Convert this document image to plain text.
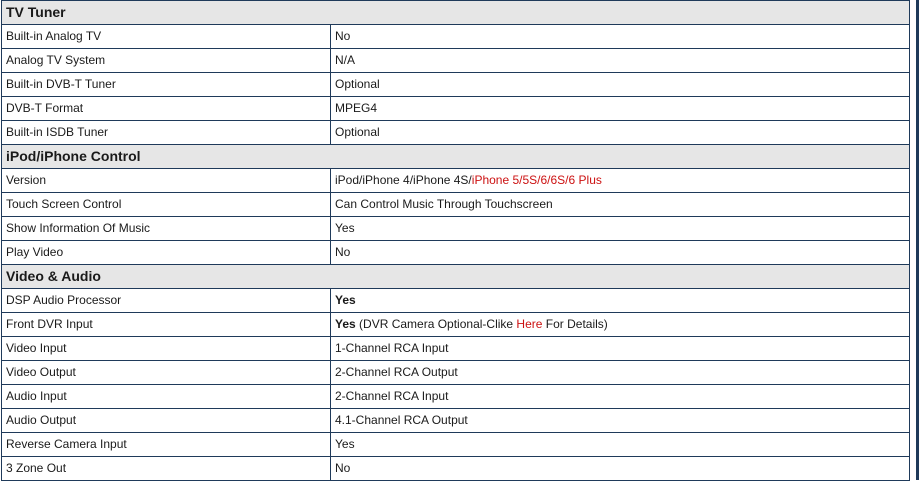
TV Tuner	
Built-in Analog TV	No
Analog TV System	N/A
Built-in DVB-T Tuner	Optional
DVB-T Format	MPEG4
Built-in ISDB Tuner	Optional
iPod/iPhone Control	
Version	iPod/iPhone 4/iPhone 4S/iPhone 5/5S/6/6S/6 Plus
Touch Screen Control	Can Control Music Through Touchscreen
Show Information Of Music	Yes
Play Video	No
Video & Audio	
DSP Audio Processor	Yes
Front DVR Input	Yes (DVR Camera Optional-Clike Here For Details)
Video Input	1-Channel RCA Input
Video Output	2-Channel RCA Output
Audio Input	2-Channel RCA Input
Audio Output	4.1-Channel RCA Output
Reverse Camera Input	Yes
3 Zone Out	No
